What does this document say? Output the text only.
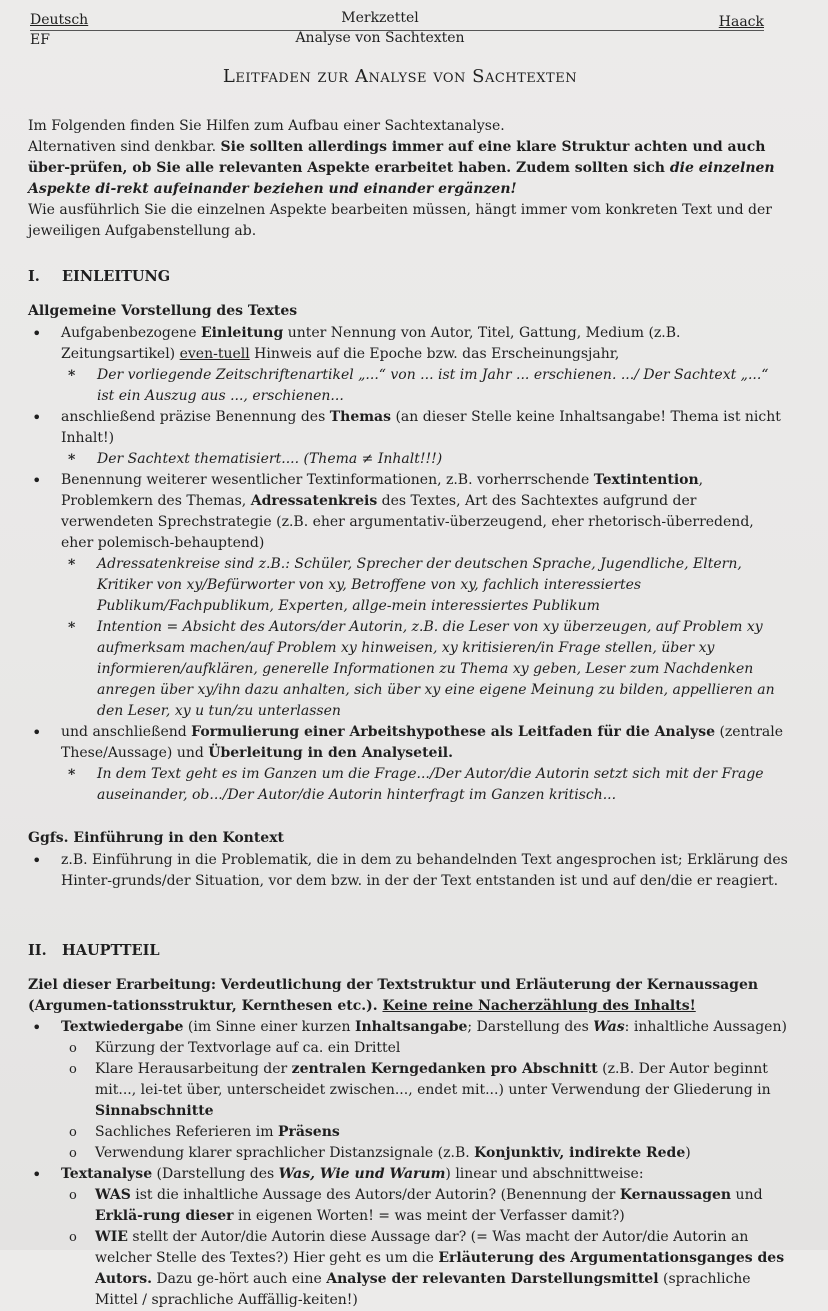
Deutsch
EF
Merkzettel
Analyse von Sachtexten
Haack
Leitfaden zur Analyse von Sachtexten

Im Folgenden finden Sie Hilfen zum Aufbau einer Sachtextanalyse.

Alternativen sind denkbar. Sie sollten allerdings immer auf eine klare Struktur achten und auch über-prüfen, ob Sie alle relevanten Aspekte erarbeitet haben. Zudem sollten sich die einzelnen Aspekte di-rekt aufeinander beziehen und einander ergänzen!

Wie ausführlich Sie die einzelnen Aspekte bearbeiten müssen, hängt immer vom konkreten Text und der jeweiligen Aufgabenstellung ab.

I. EINLEITUNG
Allgemeine Vorstellung des Textes
• Aufgabenbezogene Einleitung unter Nennung von Autor, Titel, Gattung, Medium (z.B. Zeitungsartikel) even-tuell Hinweis auf die Epoche bzw. das Erscheinungsjahr,
* Der vorliegende Zeitschriftenartikel „...“ von ... ist im Jahr ... erschienen. .../ Der Sachtext „...“ ist ein Auszug aus ..., erschienen...
• anschließend präzise Benennung des Themas (an dieser Stelle keine Inhaltsangabe! Thema ist nicht Inhalt!)
* Der Sachtext thematisiert.... (Thema ≠ Inhalt!!!)
• Benennung weiterer wesentlicher Textinformationen, z.B. vorherrschende Textintention, Problemkern des Themas, Adressatenkreis des Textes, Art des Sachtextes aufgrund der verwendeten Sprechstrategie (z.B. eher argumentativ-überzeugend, eher rhetorisch-überredend, eher polemisch-behauptend)
* Adressatenkreise sind z.B.: Schüler, Sprecher der deutschen Sprache, Jugendliche, Eltern, Kritiker von xy/Befürworter von xy, Betroffene von xy, fachlich interessiertes Publikum/Fachpublikum, Experten, allge-mein interessiertes Publikum
* Intention = Absicht des Autors/der Autorin, z.B. die Leser von xy überzeugen, auf Problem xy aufmerksam machen/auf Problem xy hinweisen, xy kritisieren/in Frage stellen, über xy informieren/aufklären, generelle Informationen zu Thema xy geben, Leser zum Nachdenken anregen über xy/ihn dazu anhalten, sich über xy eine eigene Meinung zu bilden, appellieren an den Leser, xy u tun/zu unterlassen
• und anschließend Formulierung einer Arbeitshypothese als Leitfaden für die Analyse (zentrale These/Aussage) und Überleitung in den Analyseteil.
* In dem Text geht es im Ganzen um die Frage.../Der Autor/die Autorin setzt sich mit der Frage auseinander, ob.../Der Autor/die Autorin hinterfragt im Ganzen kritisch...
Ggfs. Einführung in den Kontext
• z.B. Einführung in die Problematik, die in dem zu behandelnden Text angesprochen ist; Erklärung des Hinter-grunds/der Situation, vor dem bzw. in der der Text entstanden ist und auf den/die er reagiert.
II. HAUPTTEIL

Ziel dieser Erarbeitung: Verdeutlichung der Textstruktur und Erläuterung der Kernaussagen (Argumen-tationsstruktur, Kernthesen etc.). Keine reine Nacherzählung des Inhalts!

• Textwiedergabe (im Sinne einer kurzen Inhaltsangabe; Darstellung des Was: inhaltliche Aussagen)
o Kürzung der Textvorlage auf ca. ein Drittel
o Klare Herausarbeitung der zentralen Kerngedanken pro Abschnitt (z.B. Der Autor beginnt mit..., lei-tet über, unterscheidet zwischen..., endet mit...) unter Verwendung der Gliederung in Sinnabschnitte
o Sachliches Referieren im Präsens
o Verwendung klarer sprachlicher Distanzsignale (z.B. Konjunktiv, indirekte Rede)
• Textanalyse (Darstellung des Was, Wie und Warum) linear und abschnittweise:
o WAS ist die inhaltliche Aussage des Autors/der Autorin? (Benennung der Kernaussagen und Erklä-rung dieser in eigenen Worten! = was meint der Verfasser damit?)
o WIE stellt der Autor/die Autorin diese Aussage dar? (= Was macht der Autor/die Autorin an welcher Stelle des Textes?) Hier geht es um die Erläuterung des Argumentationsganges des Autors. Dazu ge-hört auch eine Analyse der relevanten Darstellungsmittel (sprachliche Mittel / sprachliche Auffällig-keiten!)
